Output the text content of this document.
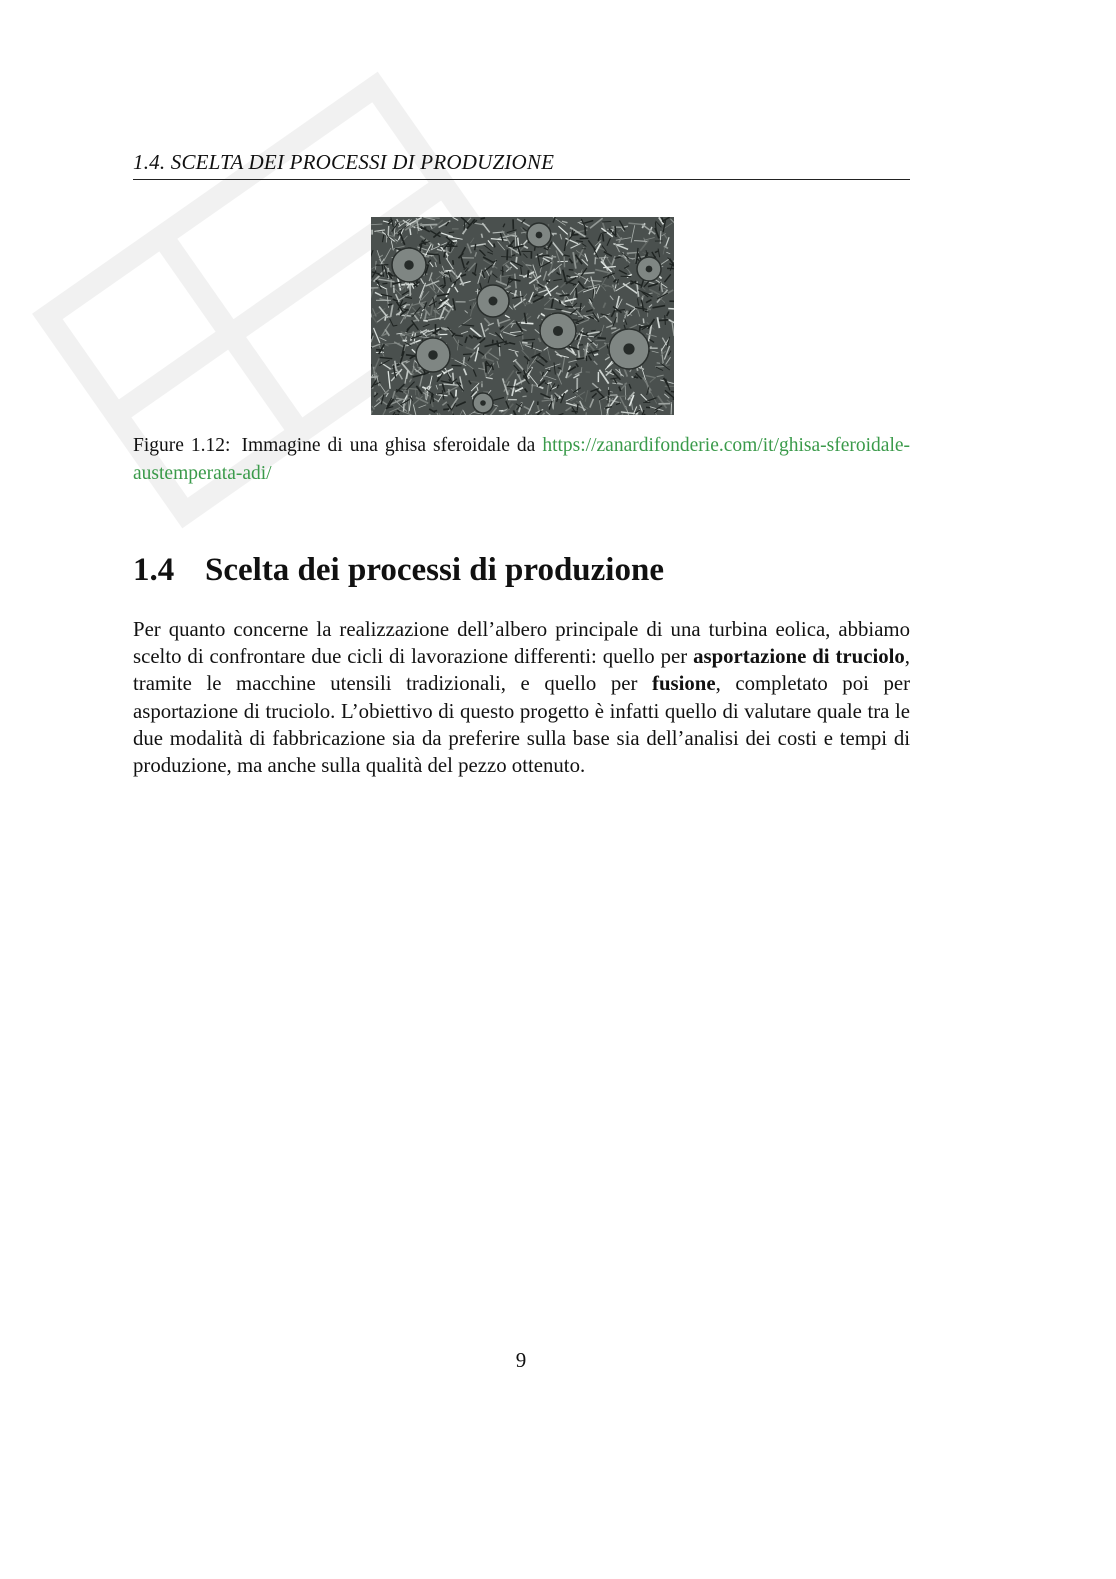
1.4. SCELTA DEI PROCESSI DI PRODUZIONE
Figure 1.12: Immagine di una ghisa sferoidale da https://zanardifonderie.com/it/ghisa-sferoidale-austemperata-adi/
1.4 Scelta dei processi di produzione
Per quanto concerne la realizzazione dell’albero principale di una turbina eolica, abbiamo scelto di confrontare due cicli di lavorazione differenti: quello per asportazione di truciolo, tramite le macchine utensili tradizionali, e quello per fusione, completato poi per asportazione di truciolo. L’obiettivo di questo progetto è infatti quello di valutare quale tra le due modalità di fabbricazione sia da preferire sulla base sia dell’analisi dei costi e tempi di produzione, ma anche sulla qualità del pezzo ottenuto.
9
